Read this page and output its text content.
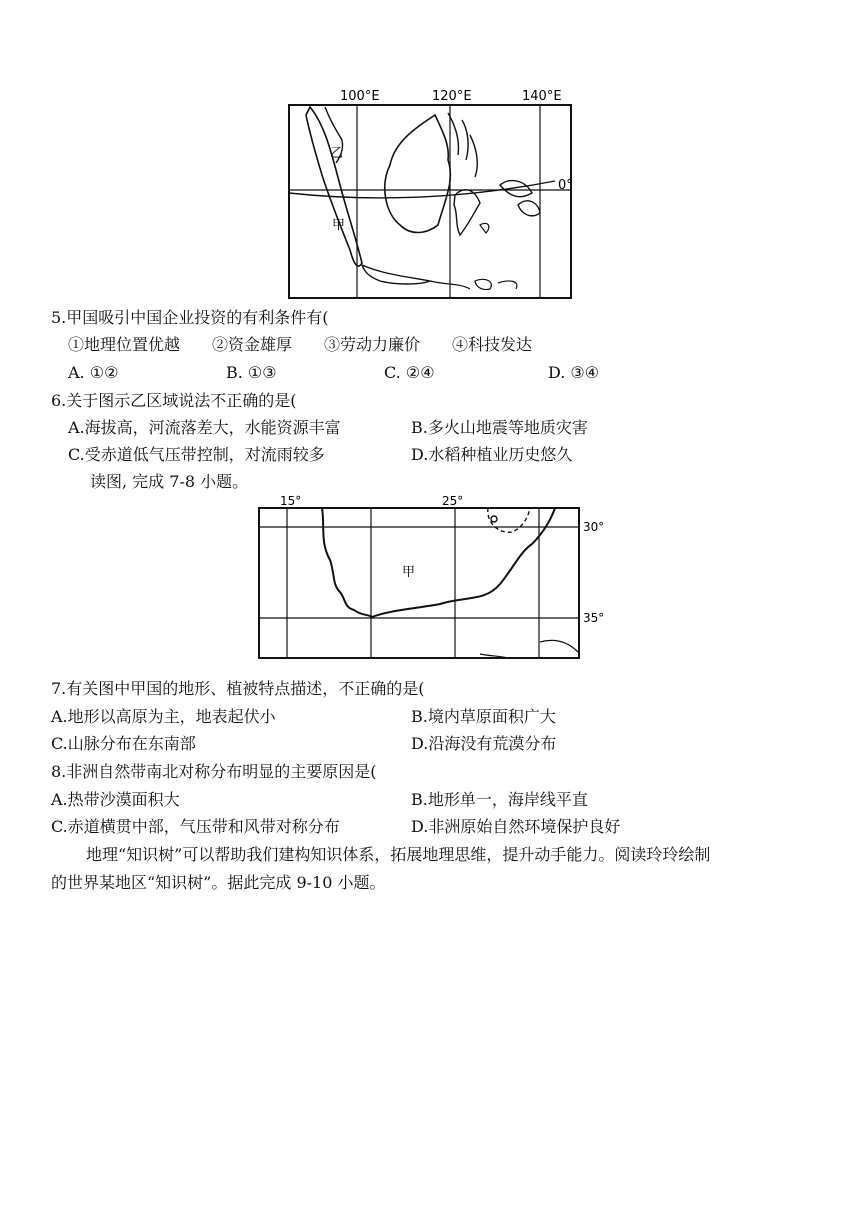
100°E	120°E	140°E
0°
乙
甲
5.甲国吸引中国企业投资的有利条件有(
①地理位置优越　　②资金雄厚　　③劳动力廉价　　④科技发达
A. ①②	B. ①③	C. ②④	D. ③④
6.关于图示乙区域说法不正确的是(
A.海拔高，河流落差大，水能资源丰富	B.多火山地震等地质灾害
C.受赤道低气压带控制，对流雨较多	D.水稻种植业历史悠久
读图, 完成 7-8 小题。
15°	25°
30°
35°
甲
7.有关图中甲国的地形、植被特点描述，不正确的是(
A.地形以高原为主，地表起伏小	B.境内草原面积广大
C.山脉分布在东南部	D.沿海没有荒漠分布
8.非洲自然带南北对称分布明显的主要原因是(
A.热带沙漠面积大	B.地形单一，海岸线平直
C.赤道横贯中部，气压带和风带对称分布	D.非洲原始自然环境保护良好
地理“知识树”可以帮助我们建构知识体系，拓展地理思维，提升动手能力。阅读玲玲绘制
的世界某地区“知识树”。据此完成 9-10 小题。
